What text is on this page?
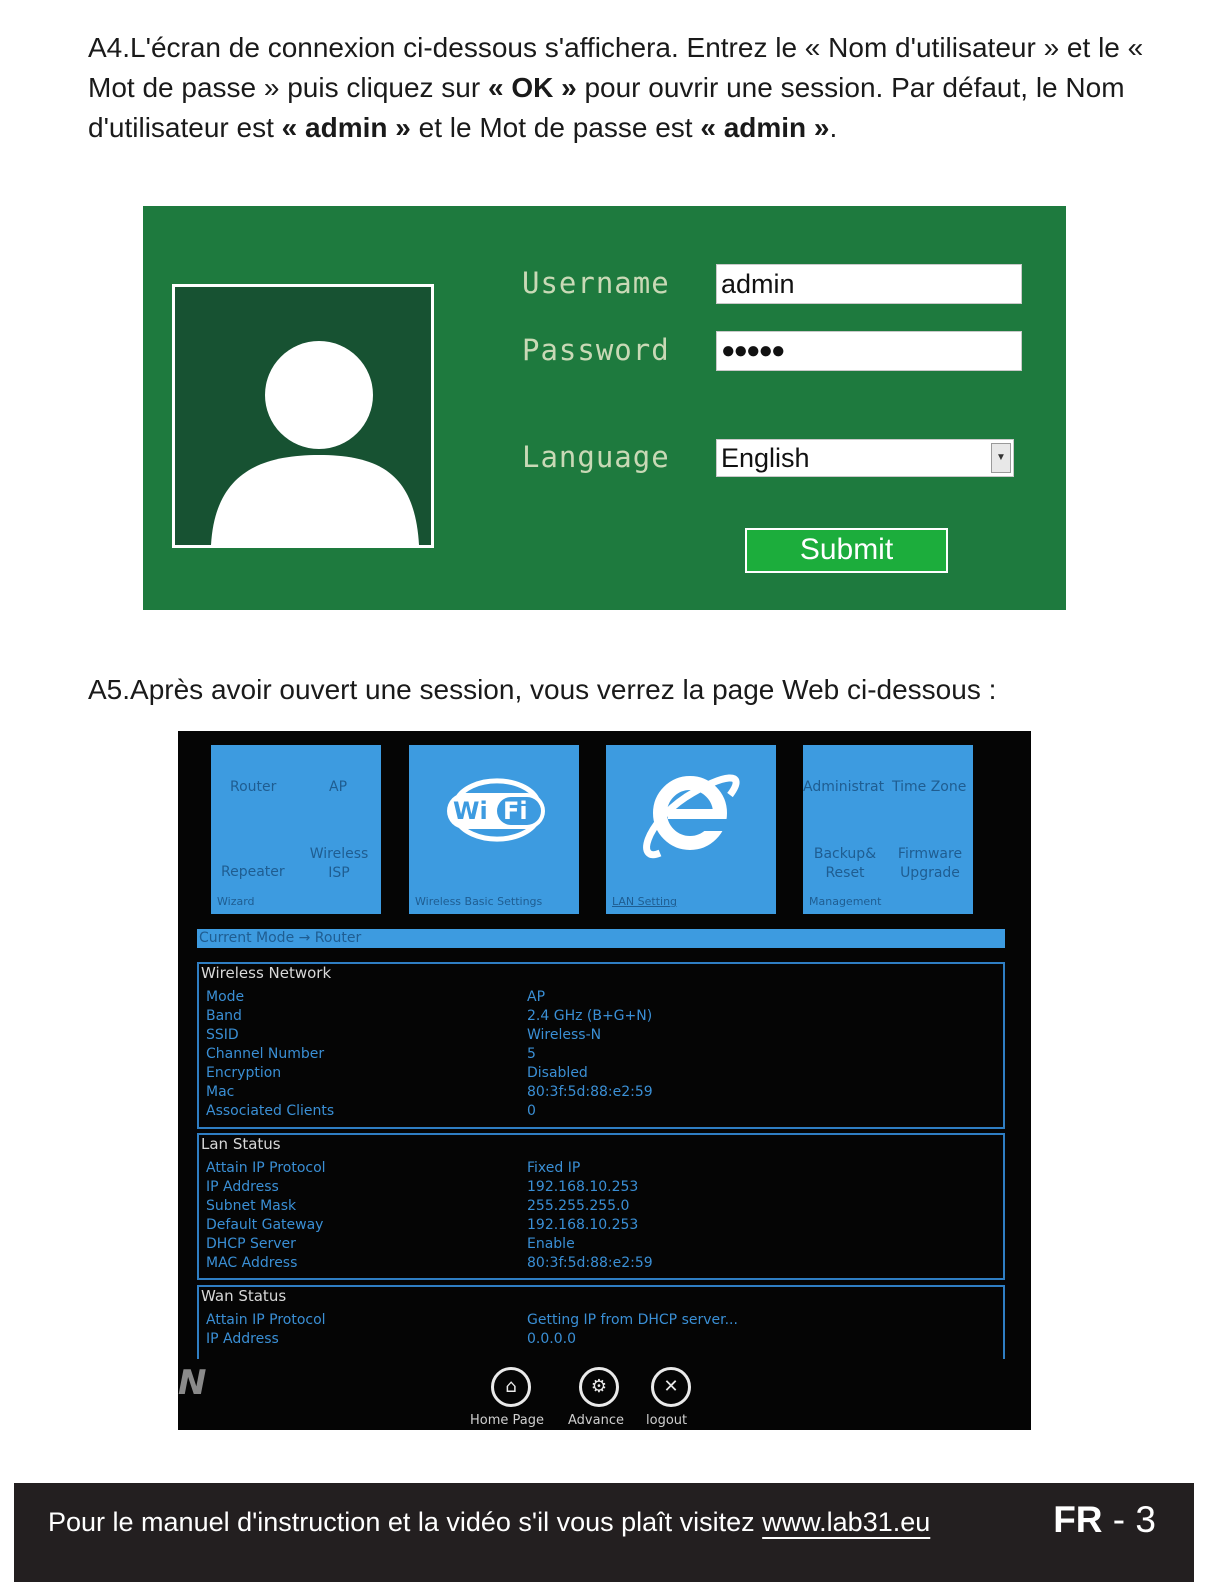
A4.L'écran de connexion ci-dessous s'affichera. Entrez le « Nom d'utilisateur » et le « Mot de passe » puis cliquez sur « OK » pour ouvrir une session. Par défaut, le Nom d'utilisateur est « admin » et le Mot de passe est « admin ».
Username admin
Password ●●●●●
Language English	▼
Submit
A5.Après avoir ouvert une session, vous verrez la page Web ci-dessous :
Router	AP
Wireless ISP
Repeater
Wizard
Wi Fi
Wireless Basic Settings	LAN Setting
Administrat Time Zone
Backup& Reset
Firmware Upgrade
Management
Current Mode → Router
Wireless Network
Mode	AP
Band	2.4 GHz (B+G+N)
SSID	Wireless-N
Channel Number	5
Encryption	Disabled
Mac	80:3f:5d:88:e2:59
Associated Clients	0
Lan Status
Attain IP Protocol	Fixed IP
IP Address	192.168.10.253
Subnet Mask	255.255.255.0
Default Gateway	192.168.10.253
DHCP Server	Enable
MAC Address	80:3f:5d:88:e2:59
Wan Status
Attain IP Protocol	Getting IP from DHCP server...
IP Address	0.0.0.0
N	⌂
Home Page
⚙
Advance
✕
logout
Pour le manuel d'instruction et la vidéo s'il vous plaît visitez www.lab31.eu	FR - 3
